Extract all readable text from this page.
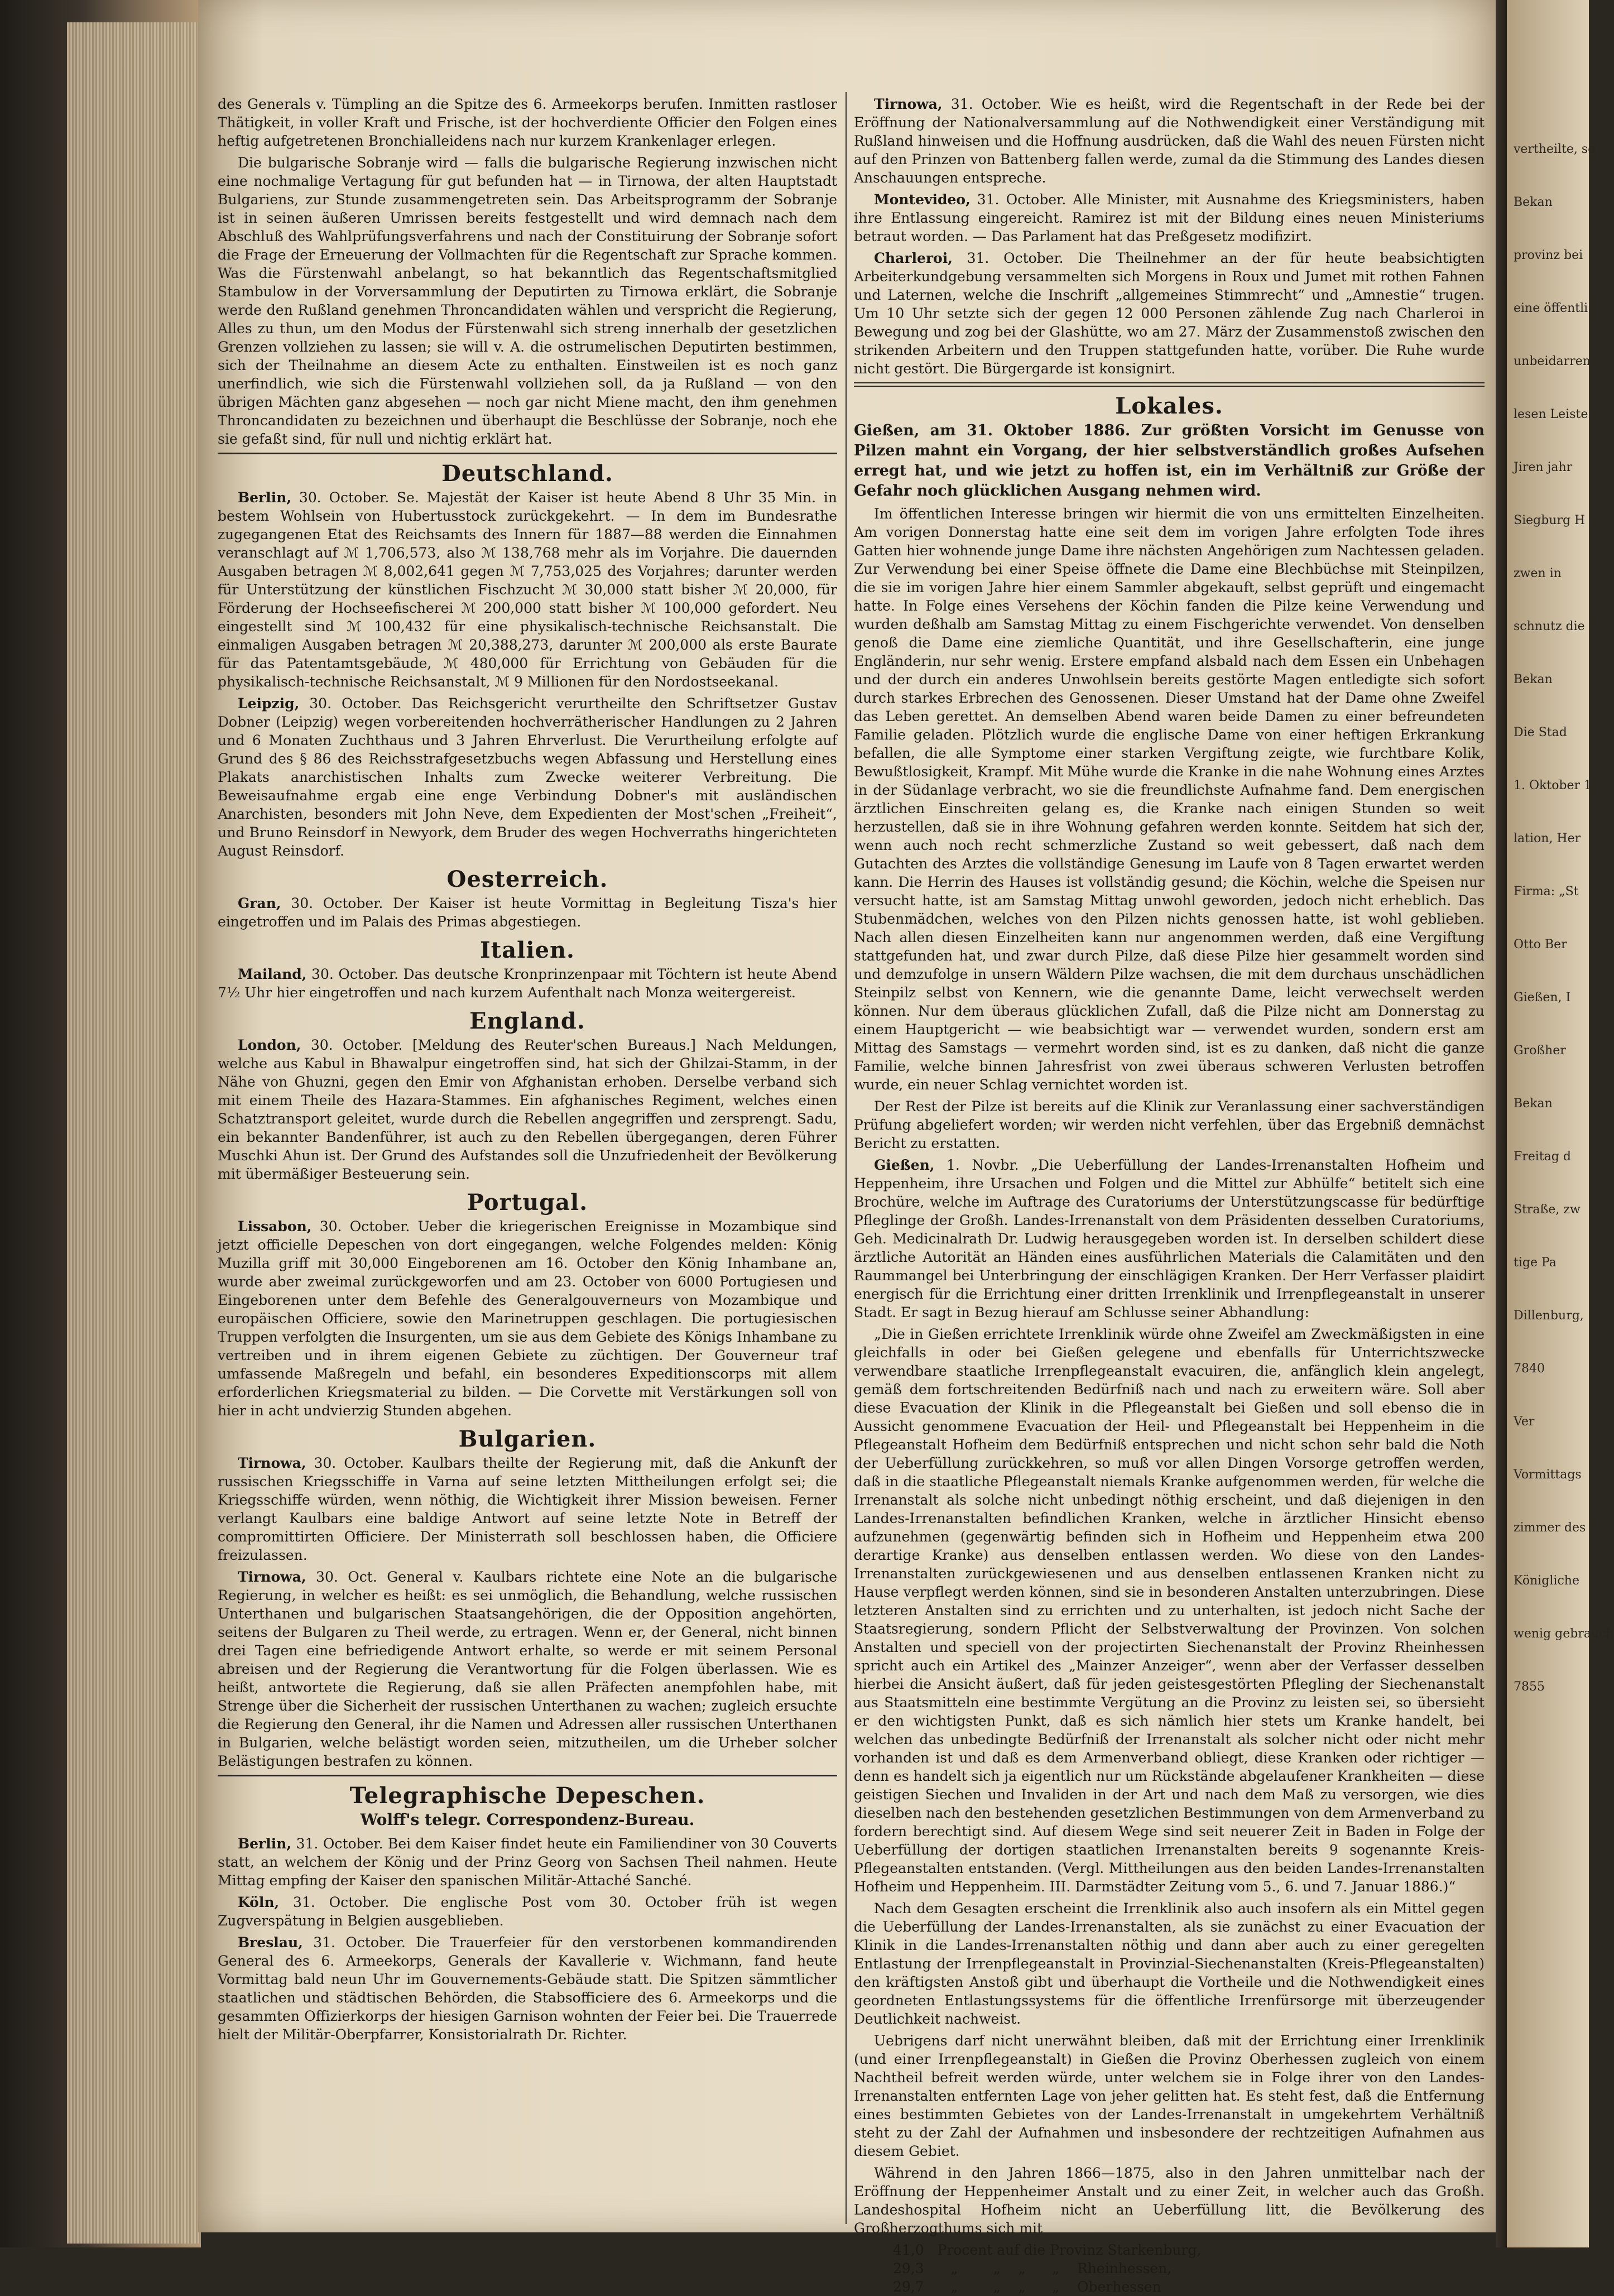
des Generals v. Tümpling an die Spitze des 6. Armeekorps berufen. Inmitten rastloser Thätigkeit, in voller Kraft und Frische, ist der hochverdiente Officier den Folgen eines heftig aufgetretenen Bronchialleidens nach nur kurzem Krankenlager erlegen.

Die bulgarische Sobranje wird — falls die bulgarische Regierung inzwischen nicht eine nochmalige Vertagung für gut befunden hat — in Tirnowa, der alten Hauptstadt Bulgariens, zur Stunde zusammengetreten sein. Das Arbeitsprogramm der Sobranje ist in seinen äußeren Umrissen bereits festgestellt und wird demnach nach dem Abschluß des Wahlprüfungsverfahrens und nach der Constituirung der Sobranje sofort die Frage der Erneuerung der Vollmachten für die Regentschaft zur Sprache kommen. Was die Fürstenwahl anbelangt, so hat bekanntlich das Regentschaftsmitglied Stambulow in der Vorversammlung der Deputirten zu Tirnowa erklärt, die Sobranje werde den Rußland genehmen Throncandidaten wählen und verspricht die Regierung, Alles zu thun, um den Modus der Fürstenwahl sich streng innerhalb der gesetzlichen Grenzen vollziehen zu lassen; sie will v. A. die ostrumelischen Deputirten bestimmen, sich der Theilnahme an diesem Acte zu enthalten. Einstweilen ist es noch ganz unerfindlich, wie sich die Fürstenwahl vollziehen soll, da ja Rußland — von den übrigen Mächten ganz abgesehen — noch gar nicht Miene macht, den ihm genehmen Throncandidaten zu bezeichnen und überhaupt die Beschlüsse der Sobranje, noch ehe sie gefaßt sind, für null und nichtig erklärt hat.

Deutschland.

Berlin, 30. October. Se. Majestät der Kaiser ist heute Abend 8 Uhr 35 Min. in bestem Wohlsein von Hubertusstock zurückgekehrt. — In dem im Bundesrathe zugegangenen Etat des Reichsamts des Innern für 1887—88 werden die Einnahmen veranschlagt auf ℳ 1,706,573, also ℳ 138,768 mehr als im Vorjahre. Die dauernden Ausgaben betragen ℳ 8,002,641 gegen ℳ 7,753,025 des Vorjahres; darunter werden für Unterstützung der künstlichen Fischzucht ℳ 30,000 statt bisher ℳ 20,000, für Förderung der Hochseefischerei ℳ 200,000 statt bisher ℳ 100,000 gefordert. Neu eingestellt sind ℳ 100,432 für eine physikalisch-technische Reichsanstalt. Die einmaligen Ausgaben betragen ℳ 20,388,273, darunter ℳ 200,000 als erste Baurate für das Patentamtsgebäude, ℳ 480,000 für Errichtung von Gebäuden für die physikalisch-technische Reichsanstalt, ℳ 9 Millionen für den Nordostseekanal.

Leipzig, 30. October. Das Reichsgericht verurtheilte den Schriftsetzer Gustav Dobner (Leipzig) wegen vorbereitenden hochverrätherischer Handlungen zu 2 Jahren und 6 Monaten Zuchthaus und 3 Jahren Ehrverlust. Die Verurtheilung erfolgte auf Grund des § 86 des Reichsstrafgesetzbuchs wegen Abfassung und Herstellung eines Plakats anarchistischen Inhalts zum Zwecke weiterer Verbreitung. Die Beweisaufnahme ergab eine enge Verbindung Dobner's mit ausländischen Anarchisten, besonders mit John Neve, dem Expedienten der Most'schen „Freiheit“, und Bruno Reinsdorf in Newyork, dem Bruder des wegen Hochverraths hingerichteten August Reinsdorf.

Oesterreich.

Gran, 30. October. Der Kaiser ist heute Vormittag in Begleitung Tisza's hier eingetroffen und im Palais des Primas abgestiegen.

Italien.

Mailand, 30. October. Das deutsche Kronprinzenpaar mit Töchtern ist heute Abend 7½ Uhr hier eingetroffen und nach kurzem Aufenthalt nach Monza weitergereist.

England.

London, 30. October. [Meldung des Reuter'schen Bureaus.] Nach Meldungen, welche aus Kabul in Bhawalpur eingetroffen sind, hat sich der Ghilzai-Stamm, in der Nähe von Ghuzni, gegen den Emir von Afghanistan erhoben. Derselbe verband sich mit einem Theile des Hazara-Stammes. Ein afghanisches Regiment, welches einen Schatztransport geleitet, wurde durch die Rebellen angegriffen und zersprengt. Sadu, ein bekannter Bandenführer, ist auch zu den Rebellen übergegangen, deren Führer Muschki Ahun ist. Der Grund des Aufstandes soll die Unzufriedenheit der Bevölkerung mit übermäßiger Besteuerung sein.

Portugal.

Lissabon, 30. October. Ueber die kriegerischen Ereignisse in Mozambique sind jetzt officielle Depeschen von dort eingegangen, welche Folgendes melden: König Muzilla griff mit 30,000 Eingeborenen am 16. October den König Inhambane an, wurde aber zweimal zurückgeworfen und am 23. October von 6000 Portugiesen und Eingeborenen unter dem Befehle des Generalgouverneurs von Mozambique und europäischen Officiere, sowie den Marinetruppen geschlagen. Die portugiesischen Truppen verfolgten die Insurgenten, um sie aus dem Gebiete des Königs Inhambane zu vertreiben und in ihrem eigenen Gebiete zu züchtigen. Der Gouverneur traf umfassende Maßregeln und befahl, ein besonderes Expeditionscorps mit allem erforderlichen Kriegsmaterial zu bilden. — Die Corvette mit Verstärkungen soll von hier in acht undvierzig Stunden abgehen.

Bulgarien.

Tirnowa, 30. October. Kaulbars theilte der Regierung mit, daß die Ankunft der russischen Kriegsschiffe in Varna auf seine letzten Mittheilungen erfolgt sei; die Kriegsschiffe würden, wenn nöthig, die Wichtigkeit ihrer Mission beweisen. Ferner verlangt Kaulbars eine baldige Antwort auf seine letzte Note in Betreff der compromittirten Officiere. Der Ministerrath soll beschlossen haben, die Officiere freizulassen.

Tirnowa, 30. Oct. General v. Kaulbars richtete eine Note an die bulgarische Regierung, in welcher es heißt: es sei unmöglich, die Behandlung, welche russischen Unterthanen und bulgarischen Staatsangehörigen, die der Opposition angehörten, seitens der Bulgaren zu Theil werde, zu ertragen. Wenn er, der General, nicht binnen drei Tagen eine befriedigende Antwort erhalte, so werde er mit seinem Personal abreisen und der Regierung die Verantwortung für die Folgen überlassen. Wie es heißt, antwortete die Regierung, daß sie allen Präfecten anempfohlen habe, mit Strenge über die Sicherheit der russischen Unterthanen zu wachen; zugleich ersuchte die Regierung den General, ihr die Namen und Adressen aller russischen Unterthanen in Bulgarien, welche belästigt worden seien, mitzutheilen, um die Urheber solcher Belästigungen bestrafen zu können.

Telegraphische Depeschen.
Wolff's telegr. Correspondenz-Bureau.

Berlin, 31. October. Bei dem Kaiser findet heute ein Familiendiner von 30 Couverts statt, an welchem der König und der Prinz Georg von Sachsen Theil nahmen. Heute Mittag empfing der Kaiser den spanischen Militär-Attaché Sanché.

Köln, 31. October. Die englische Post vom 30. October früh ist wegen Zugverspätung in Belgien ausgeblieben.

Breslau, 31. October. Die Trauerfeier für den verstorbenen kommandirenden General des 6. Armeekorps, Generals der Kavallerie v. Wichmann, fand heute Vormittag bald neun Uhr im Gouvernements-Gebäude statt. Die Spitzen sämmtlicher staatlichen und städtischen Behörden, die Stabsofficiere des 6. Armeekorps und die gesammten Offizierkorps der hiesigen Garnison wohnten der Feier bei. Die Trauerrede hielt der Militär-Oberpfarrer, Konsistorialrath Dr. Richter.

Tirnowa, 31. October. Wie es heißt, wird die Regentschaft in der Rede bei der Eröffnung der Nationalversammlung auf die Nothwendigkeit einer Verständigung mit Rußland hinweisen und die Hoffnung ausdrücken, daß die Wahl des neuen Fürsten nicht auf den Prinzen von Battenberg fallen werde, zumal da die Stimmung des Landes diesen Anschauungen entspreche.

Montevideo, 31. October. Alle Minister, mit Ausnahme des Kriegsministers, haben ihre Entlassung eingereicht. Ramirez ist mit der Bildung eines neuen Ministeriums betraut worden. — Das Parlament hat das Preßgesetz modifizirt.

Charleroi, 31. October. Die Theilnehmer an der für heute beabsichtigten Arbeiterkundgebung versammelten sich Morgens in Roux und Jumet mit rothen Fahnen und Laternen, welche die Inschrift „allgemeines Stimmrecht“ und „Amnestie“ trugen. Um 10 Uhr setzte sich der gegen 12 000 Personen zählende Zug nach Charleroi in Bewegung und zog bei der Glashütte, wo am 27. März der Zusammenstoß zwischen den strikenden Arbeitern und den Truppen stattgefunden hatte, vorüber. Die Ruhe wurde nicht gestört. Die Bürgergarde ist konsignirt.

Lokales.

Gießen, am 31. Oktober 1886. Zur größten Vorsicht im Genusse von Pilzen mahnt ein Vorgang, der hier selbstverständlich großes Aufsehen erregt hat, und wie jetzt zu hoffen ist, ein im Verhältniß zur Größe der Gefahr noch glücklichen Ausgang nehmen wird.

Im öffentlichen Interesse bringen wir hiermit die von uns ermittelten Einzelheiten. Am vorigen Donnerstag hatte eine seit dem im vorigen Jahre erfolgten Tode ihres Gatten hier wohnende junge Dame ihre nächsten Angehörigen zum Nachtessen geladen. Zur Verwendung bei einer Speise öffnete die Dame eine Blechbüchse mit Steinpilzen, die sie im vorigen Jahre hier einem Sammler abgekauft, selbst geprüft und eingemacht hatte. In Folge eines Versehens der Köchin fanden die Pilze keine Verwendung und wurden deßhalb am Samstag Mittag zu einem Fischgerichte verwendet. Von denselben genoß die Dame eine ziemliche Quantität, und ihre Gesellschafterin, eine junge Engländerin, nur sehr wenig. Erstere empfand alsbald nach dem Essen ein Unbehagen und der durch ein anderes Unwohlsein bereits gestörte Magen entledigte sich sofort durch starkes Erbrechen des Genossenen. Dieser Umstand hat der Dame ohne Zweifel das Leben gerettet. An demselben Abend waren beide Damen zu einer befreundeten Familie geladen. Plötzlich wurde die englische Dame von einer heftigen Erkrankung befallen, die alle Symptome einer starken Vergiftung zeigte, wie furchtbare Kolik, Bewußtlosigkeit, Krampf. Mit Mühe wurde die Kranke in die nahe Wohnung eines Arztes in der Südanlage verbracht, wo sie die freundlichste Aufnahme fand. Dem energischen ärztlichen Einschreiten gelang es, die Kranke nach einigen Stunden so weit herzustellen, daß sie in ihre Wohnung gefahren werden konnte. Seitdem hat sich der, wenn auch noch recht schmerzliche Zustand so weit gebessert, daß nach dem Gutachten des Arztes die vollständige Genesung im Laufe von 8 Tagen erwartet werden kann. Die Herrin des Hauses ist vollständig gesund; die Köchin, welche die Speisen nur versucht hatte, ist am Samstag Mittag unwohl geworden, jedoch nicht erheblich. Das Stubenmädchen, welches von den Pilzen nichts genossen hatte, ist wohl geblieben. Nach allen diesen Einzelheiten kann nur angenommen werden, daß eine Vergiftung stattgefunden hat, und zwar durch Pilze, daß diese Pilze hier gesammelt worden sind und demzufolge in unsern Wäldern Pilze wachsen, die mit dem durchaus unschädlichen Steinpilz selbst von Kennern, wie die genannte Dame, leicht verwechselt werden können. Nur dem überaus glücklichen Zufall, daß die Pilze nicht am Donnerstag zu einem Hauptgericht — wie beabsichtigt war — verwendet wurden, sondern erst am Mittag des Samstags — vermehrt worden sind, ist es zu danken, daß nicht die ganze Familie, welche binnen Jahresfrist von zwei überaus schweren Verlusten betroffen wurde, ein neuer Schlag vernichtet worden ist.

Der Rest der Pilze ist bereits auf die Klinik zur Veranlassung einer sachverständigen Prüfung abgeliefert worden; wir werden nicht verfehlen, über das Ergebniß demnächst Bericht zu erstatten.

Gießen, 1. Novbr. „Die Ueberfüllung der Landes-Irrenanstalten Hofheim und Heppenheim, ihre Ursachen und Folgen und die Mittel zur Abhülfe“ betitelt sich eine Brochüre, welche im Auftrage des Curatoriums der Unterstützungscasse für bedürftige Pfleglinge der Großh. Landes-Irrenanstalt von dem Präsidenten desselben Curatoriums, Geh. Medicinalrath Dr. Ludwig herausgegeben worden ist. In derselben schildert diese ärztliche Autorität an Händen eines ausführlichen Materials die Calamitäten und den Raummangel bei Unterbringung der einschlägigen Kranken. Der Herr Verfasser plaidirt energisch für die Errichtung einer dritten Irrenklinik und Irrenpflegeanstalt in unserer Stadt. Er sagt in Bezug hierauf am Schlusse seiner Abhandlung:

„Die in Gießen errichtete Irrenklinik würde ohne Zweifel am Zweckmäßigsten in eine gleichfalls in oder bei Gießen gelegene und ebenfalls für Unterrichtszwecke verwendbare staatliche Irrenpflegeanstalt evacuiren, die, anfänglich klein angelegt, gemäß dem fortschreitenden Bedürfniß nach und nach zu erweitern wäre. Soll aber diese Evacuation der Klinik in die Pflegeanstalt bei Gießen und soll ebenso die in Aussicht genommene Evacuation der Heil- und Pflegeanstalt bei Heppenheim in die Pflegeanstalt Hofheim dem Bedürfniß entsprechen und nicht schon sehr bald die Noth der Ueberfüllung zurückkehren, so muß vor allen Dingen Vorsorge getroffen werden, daß in die staatliche Pflegeanstalt niemals Kranke aufgenommen werden, für welche die Irrenanstalt als solche nicht unbedingt nöthig erscheint, und daß diejenigen in den Landes-Irrenanstalten befindlichen Kranken, welche in ärztlicher Hinsicht ebenso aufzunehmen (gegenwärtig befinden sich in Hofheim und Heppenheim etwa 200 derartige Kranke) aus denselben entlassen werden. Wo diese von den Landes-Irrenanstalten zurückgewiesenen und aus denselben entlassenen Kranken nicht zu Hause verpflegt werden können, sind sie in besonderen Anstalten unterzubringen. Diese letzteren Anstalten sind zu errichten und zu unterhalten, ist jedoch nicht Sache der Staatsregierung, sondern Pflicht der Selbstverwaltung der Provinzen. Von solchen Anstalten und speciell von der projectirten Siechenanstalt der Provinz Rheinhessen spricht auch ein Artikel des „Mainzer Anzeiger“, wenn aber der Verfasser desselben hierbei die Ansicht äußert, daß für jeden geistesgestörten Pflegling der Siechenanstalt aus Staatsmitteln eine bestimmte Vergütung an die Provinz zu leisten sei, so übersieht er den wichtigsten Punkt, daß es sich nämlich hier stets um Kranke handelt, bei welchen das unbedingte Bedürfniß der Irrenanstalt als solcher nicht oder nicht mehr vorhanden ist und daß es dem Armenverband obliegt, diese Kranken oder richtiger — denn es handelt sich ja eigentlich nur um Rückstände abgelaufener Krankheiten — diese geistigen Siechen und Invaliden in der Art und nach dem Maß zu versorgen, wie dies dieselben nach den bestehenden gesetzlichen Bestimmungen von dem Armenverband zu fordern berechtigt sind. Auf diesem Wege sind seit neuerer Zeit in Baden in Folge der Ueberfüllung der dortigen staatlichen Irrenanstalten bereits 9 sogenannte Kreis-Pflegeanstalten entstanden. (Vergl. Mittheilungen aus den beiden Landes-Irrenanstalten Hofheim und Heppenheim. III. Darmstädter Zeitung vom 5., 6. und 7. Januar 1886.)“

Nach dem Gesagten erscheint die Irrenklinik also auch insofern als ein Mittel gegen die Ueberfüllung der Landes-Irrenanstalten, als sie zunächst zu einer Evacuation der Klinik in die Landes-Irrenanstalten nöthig und dann aber auch zu einer geregelten Entlastung der Irrenpflegeanstalt in Provinzial-Siechenanstalten (Kreis-Pflegeanstalten) den kräftigsten Anstoß gibt und überhaupt die Vortheile und die Nothwendigkeit eines geordneten Entlastungssystems für die öffentliche Irrenfürsorge mit überzeugender Deutlichkeit nachweist.

Uebrigens darf nicht unerwähnt bleiben, daß mit der Errichtung einer Irrenklinik (und einer Irrenpflegeanstalt) in Gießen die Provinz Oberhessen zugleich von einem Nachtheil befreit werden würde, unter welchem sie in Folge ihrer von den Landes-Irrenanstalten entfernten Lage von jeher gelitten hat. Es steht fest, daß die Entfernung eines bestimmten Gebietes von der Landes-Irrenanstalt in umgekehrtem Verhältniß steht zu der Zahl der Aufnahmen und insbesondere der rechtzeitigen Aufnahmen aus diesem Gebiet.

Während in den Jahren 1866—1875, also in den Jahren unmittelbar nach der Eröffnung der Heppenheimer Anstalt und zu einer Zeit, in welcher auch das Großh. Landeshospital Hofheim nicht an Ueberfüllung litt, die Bevölkerung des Großherzogthums sich mit

41,0   Procent auf die Provinz Starkenburg,
29,3      „        „    „      „    Rheinhessen,
29,7      „        „    „      „    Oberhessen
vertheilte, so
Bekan
provinz bei
eine öffentli
unbeidarren
lesen Leiste
Jiren jahr
Siegburg H
zwen in
schnutz die
Bekan
Die Stad
1. Oktober 1
lation, Her
Firma: „St
Otto Ber
Gießen, I
Großher
Bekan
Freitag d
Straße, zw
tige Pa
Dillenburg,
7840
Ver
Vormittags
zimmer des
Königliche
wenig gebrauch
7855
